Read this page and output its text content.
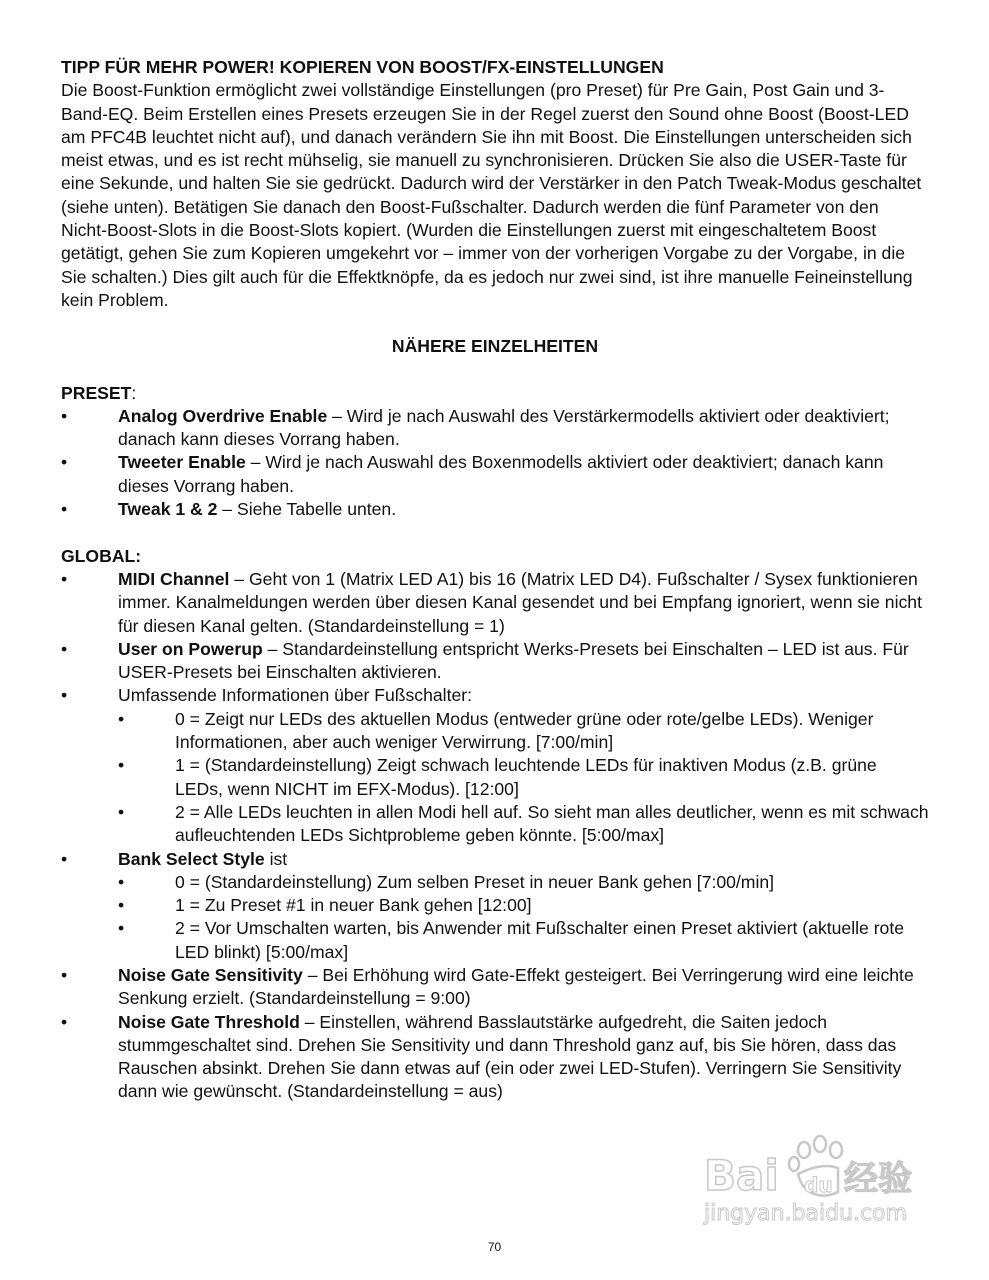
TIPP FÜR MEHR POWER! KOPIEREN VON BOOST/FX-EINSTELLUNGEN

Die Boost-Funktion ermöglicht zwei vollständige Einstellungen (pro Preset) für Pre Gain, Post Gain und 3-Band-EQ. Beim Erstellen eines Presets erzeugen Sie in der Regel zuerst den Sound ohne Boost (Boost-LED am PFC4B leuchtet nicht auf), und danach verändern Sie ihn mit Boost. Die Einstellungen unterscheiden sich meist etwas, und es ist recht mühselig, sie manuell zu synchronisieren. Drücken Sie also die USER-Taste für eine Sekunde, und halten Sie sie gedrückt. Dadurch wird der Verstärker in den Patch Tweak-Modus geschaltet (siehe unten). Betätigen Sie danach den Boost-Fußschalter. Dadurch werden die fünf Parameter von den Nicht-Boost-Slots in die Boost-Slots kopiert. (Wurden die Einstellungen zuerst mit eingeschaltetem Boost getätigt, gehen Sie zum Kopieren umgekehrt vor – immer von der vorherigen Vorgabe zu der Vorgabe, in die Sie schalten.) Dies gilt auch für die Effektknöpfe, da es jedoch nur zwei sind, ist ihre manuelle Feineinstellung kein Problem.

NÄHERE EINZELHEITEN

PRESET:

• Analog Overdrive Enable – Wird je nach Auswahl des Verstärkermodells aktiviert oder deaktiviert; danach kann dieses Vorrang haben.
• Tweeter Enable – Wird je nach Auswahl des Boxenmodells aktiviert oder deaktiviert; danach kann dieses Vorrang haben.
• Tweak 1 & 2 – Siehe Tabelle unten.

GLOBAL:

• MIDI Channel – Geht von 1 (Matrix LED A1) bis 16 (Matrix LED D4). Fußschalter / Sysex funktionieren immer. Kanalmeldungen werden über diesen Kanal gesendet und bei Empfang ignoriert, wenn sie nicht für diesen Kanal gelten. (Standardeinstellung = 1)
• User on Powerup – Standardeinstellung entspricht Werks-Presets bei Einschalten – LED ist aus. Für USER-Presets bei Einschalten aktivieren.
• Umfassende Informationen über Fußschalter:
• 0 = Zeigt nur LEDs des aktuellen Modus (entweder grüne oder rote/gelbe LEDs). Weniger Informationen, aber auch weniger Verwirrung. [7:00/min]
• 1 = (Standardeinstellung) Zeigt schwach leuchtende LEDs für inaktiven Modus (z.B. grüne LEDs, wenn NICHT im EFX-Modus). [12:00]
• 2 = Alle LEDs leuchten in allen Modi hell auf. So sieht man alles deutlicher, wenn es mit schwach aufleuchtenden LEDs Sichtprobleme geben könnte. [5:00/max]
• Bank Select Style ist
• 0 = (Standardeinstellung) Zum selben Preset in neuer Bank gehen [7:00/min]
• 1 = Zu Preset #1 in neuer Bank gehen [12:00]
• 2 = Vor Umschalten warten, bis Anwender mit Fußschalter einen Preset aktiviert (aktuelle rote LED blinkt) [5:00/max]
• Noise Gate Sensitivity – Bei Erhöhung wird Gate-Effekt gesteigert. Bei Verringerung wird eine leichte Senkung erzielt. (Standardeinstellung = 9:00)
• Noise Gate Threshold – Einstellen, während Basslautstärke aufgedreht, die Saiten jedoch stummgeschaltet sind. Drehen Sie Sensitivity und dann Threshold ganz auf, bis Sie hören, dass das Rauschen absinkt. Drehen Sie dann etwas auf (ein oder zwei LED-Stufen). Verringern Sie Sensitivity dann wie gewünscht. (Standardeinstellung = aus)
Bai du 经验
jingyan.baidu.com
70
